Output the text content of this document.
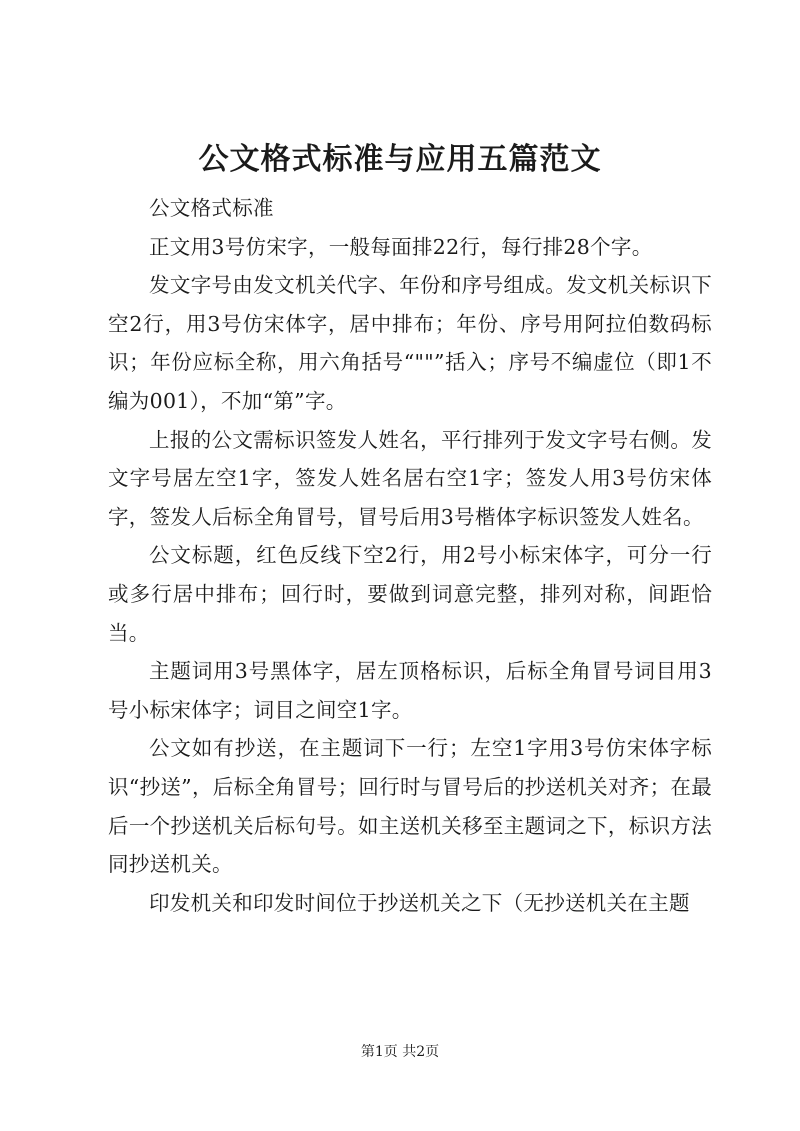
公文格式标准与应用五篇范文

公文格式标准

正文用3号仿宋字，一般每面排22行，每行排28个字。

发文字号由发文机关代字、年份和序号组成。发文机关标识下空2行，用3号仿宋体字，居中排布；年份、序号用阿拉伯数码标识；年份应标全称，用六角括号“""”括入；序号不编虚位（即1不编为001），不加“第”字。

上报的公文需标识签发人姓名，平行排列于发文字号右侧。发文字号居左空1字，签发人姓名居右空1字；签发人用3号仿宋体字，签发人后标全角冒号，冒号后用3号楷体字标识签发人姓名。

公文标题，红色反线下空2行，用2号小标宋体字，可分一行或多行居中排布；回行时，要做到词意完整，排列对称，间距恰当。

主题词用3号黑体字，居左顶格标识，后标全角冒号词目用3号小标宋体字；词目之间空1字。

公文如有抄送，在主题词下一行；左空1字用3号仿宋体字标识“抄送”，后标全角冒号；回行时与冒号后的抄送机关对齐；在最后一个抄送机关后标句号。如主送机关移至主题词之下，标识方法同抄送机关。

印发机关和印发时间位于抄送机关之下（无抄送机关在主题

第1页 共2页
